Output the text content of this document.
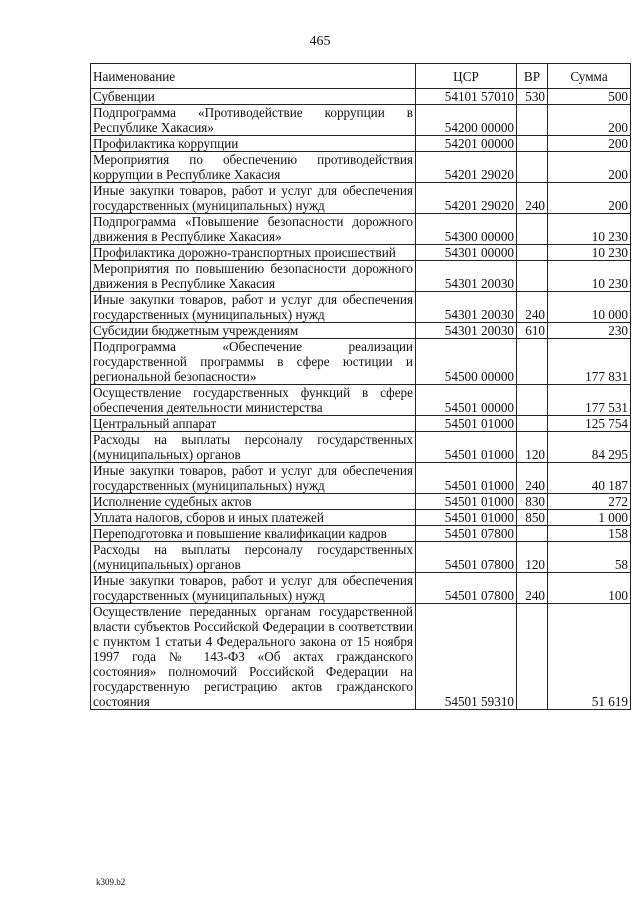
465
Наименование	ЦСР	ВР	Сумма
Субвенции	54101 57010	530	500
Подпрограмма «Противодействие коррупции в Республике Хакасия»	54200 00000		200
Профилактика коррупции	54201 00000		200
Мероприятия по обеспечению противодействия коррупции в Республике Хакасия	54201 29020		200
Иные закупки товаров, работ и услуг для обеспечения государственных (муниципальных) нужд	54201 29020	240	200
Подпрограмма «Повышение безопасности дорожного движения в Республике Хакасия»	54300 00000		10 230
Профилактика дорожно-транспортных происшествий	54301 00000		10 230
Мероприятия по повышению безопасности дорожного движения в Республике Хакасия	54301 20030		10 230
Иные закупки товаров, работ и услуг для обеспечения государственных (муниципальных) нужд	54301 20030	240	10 000
Субсидии бюджетным учреждениям	54301 20030	610	230
Подпрограмма «Обеспечение реализации государственной программы в сфере юстиции и региональной безопасности»	54500 00000		177 831
Осуществление государственных функций в сфере обеспечения деятельности министерства	54501 00000		177 531
Центральный аппарат	54501 01000		125 754
Расходы на выплаты персоналу государственных (муниципальных) органов	54501 01000	120	84 295
Иные закупки товаров, работ и услуг для обеспечения государственных (муниципальных) нужд	54501 01000	240	40 187
Исполнение судебных актов	54501 01000	830	272
Уплата налогов, сборов и иных платежей	54501 01000	850	1 000
Переподготовка и повышение квалификации кадров	54501 07800		158
Расходы на выплаты персоналу государственных (муниципальных) органов	54501 07800	120	58
Иные закупки товаров, работ и услуг для обеспечения государственных (муниципальных) нужд	54501 07800	240	100
Осуществление переданных органам государственной власти субъектов Российской Федерации в соответствии с пунктом 1 статьи 4 Федерального закона от 15 ноября 1997 года № 143-ФЗ «Об актах гражданского состояния» полномочий Российской Федерации на государственную регистрацию актов гражданского состояния	54501 59310		51 619
k309.b2
